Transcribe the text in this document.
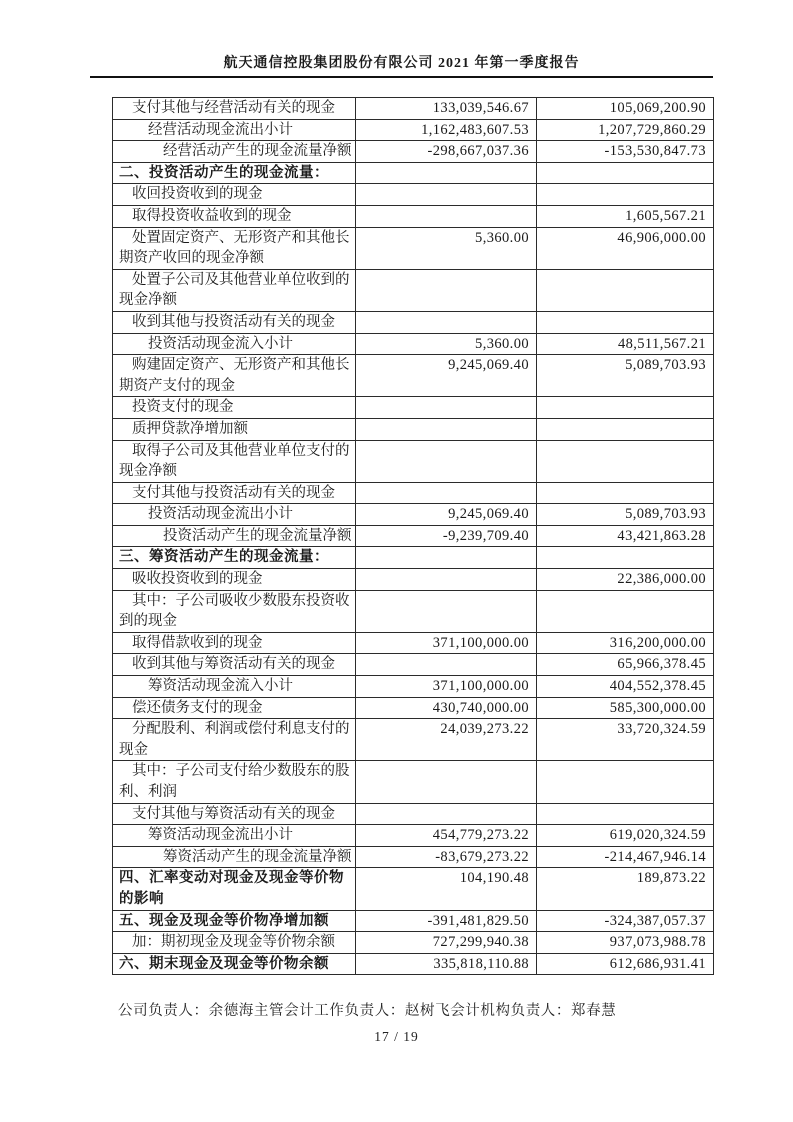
航天通信控股集团股份有限公司 2021 年第一季度报告
支付其他与经营活动有关的现金	133,039,546.67	105,069,200.90
经营活动现金流出小计	1,162,483,607.53	1,207,729,860.29
经营活动产生的现金流量净额	-298,667,037.36	-153,530,847.73
二、投资活动产生的现金流量：		
收回投资收到的现金		
取得投资收益收到的现金		1,605,567.21
处置固定资产、无形资产和其他长期资产收回的现金净额	5,360.00	46,906,000.00
处置子公司及其他营业单位收到的现金净额		
收到其他与投资活动有关的现金		
投资活动现金流入小计	5,360.00	48,511,567.21
购建固定资产、无形资产和其他长期资产支付的现金	9,245,069.40	5,089,703.93
投资支付的现金		
质押贷款净增加额		
取得子公司及其他营业单位支付的现金净额		
支付其他与投资活动有关的现金		
投资活动现金流出小计	9,245,069.40	5,089,703.93
投资活动产生的现金流量净额	-9,239,709.40	43,421,863.28
三、筹资活动产生的现金流量：		
吸收投资收到的现金		22,386,000.00
其中：子公司吸收少数股东投资收到的现金		
取得借款收到的现金	371,100,000.00	316,200,000.00
收到其他与筹资活动有关的现金		65,966,378.45
筹资活动现金流入小计	371,100,000.00	404,552,378.45
偿还债务支付的现金	430,740,000.00	585,300,000.00
分配股利、利润或偿付利息支付的现金	24,039,273.22	33,720,324.59
其中：子公司支付给少数股东的股利、利润		
支付其他与筹资活动有关的现金		
筹资活动现金流出小计	454,779,273.22	619,020,324.59
筹资活动产生的现金流量净额	-83,679,273.22	-214,467,946.14
四、汇率变动对现金及现金等价物的影响	104,190.48	189,873.22
五、现金及现金等价物净增加额	-391,481,829.50	-324,387,057.37
加：期初现金及现金等价物余额	727,299,940.38	937,073,988.78
六、期末现金及现金等价物余额	335,818,110.88	612,686,931.41
公司负责人：余德海主管会计工作负责人：赵树飞会计机构负责人：郑春慧
17 / 19
